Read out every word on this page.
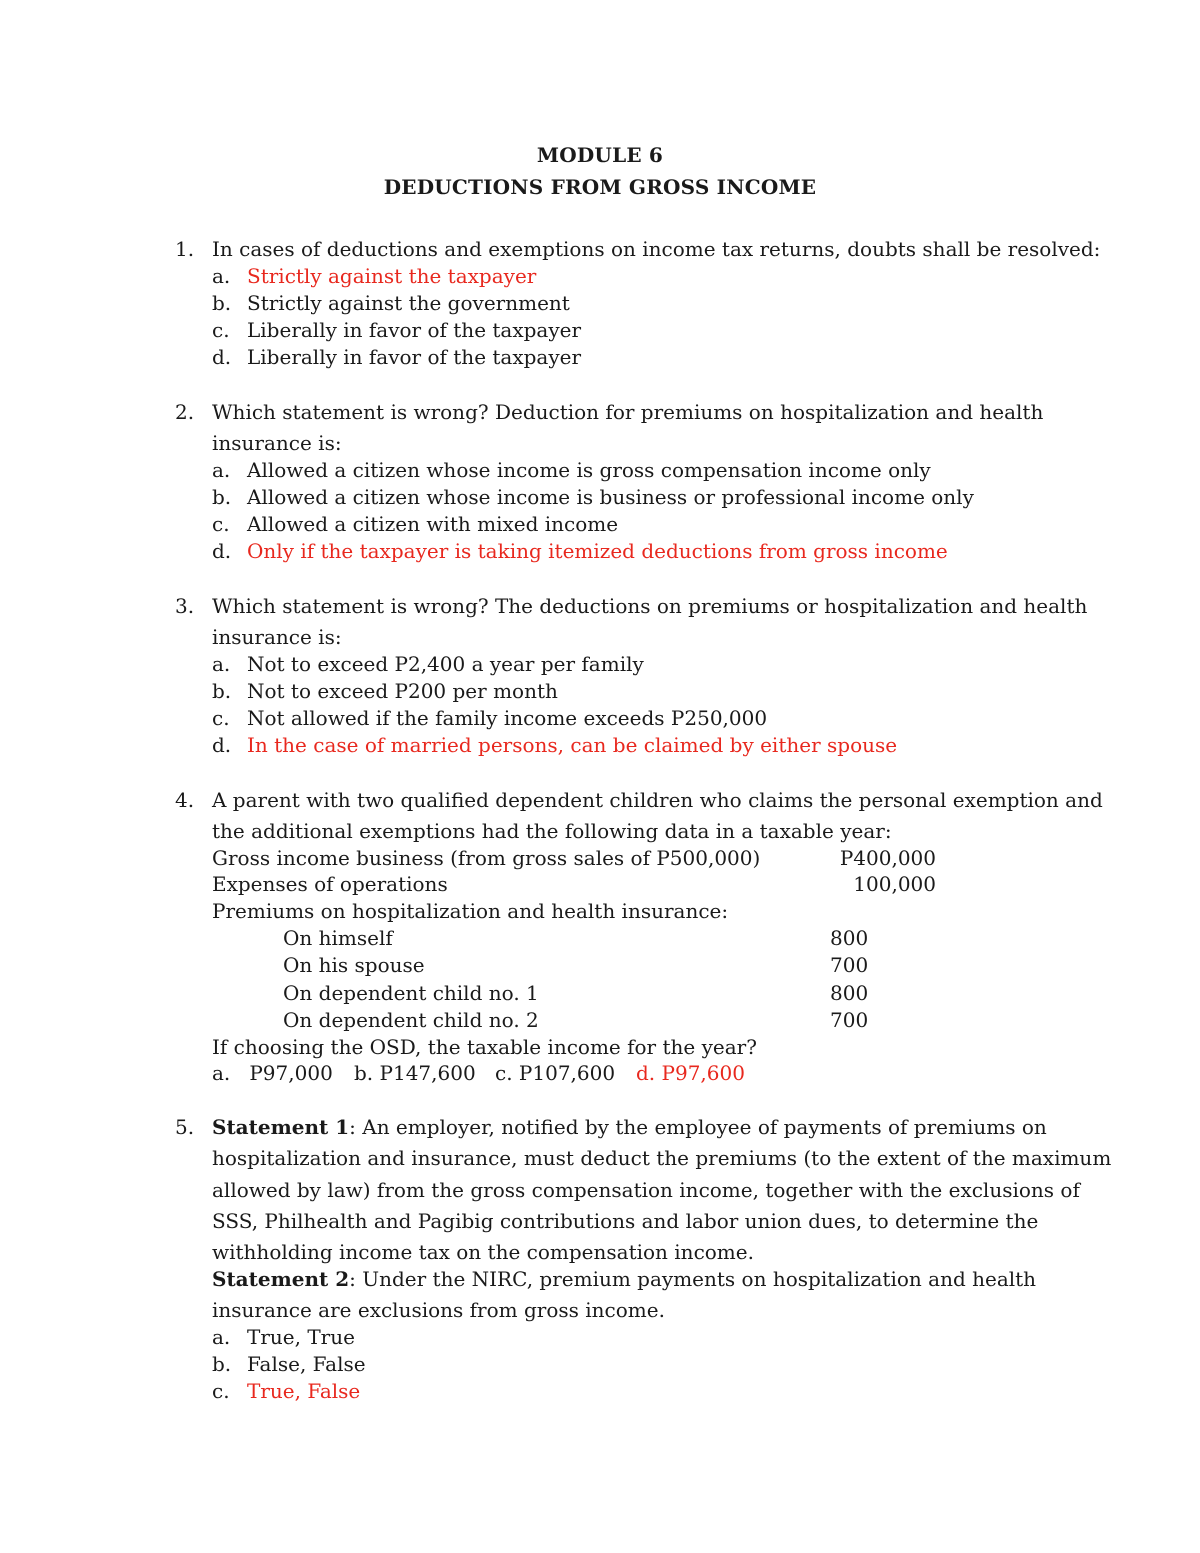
MODULE 6
DEDUCTIONS FROM GROSS INCOME
1. In cases of deductions and exemptions on income tax returns, doubts shall be resolved:
a. Strictly against the taxpayer
b. Strictly against the government
c. Liberally in favor of the taxpayer
d. Liberally in favor of the taxpayer
2. Which statement is wrong? Deduction for premiums on hospitalization and health
insurance is:
a. Allowed a citizen whose income is gross compensation income only
b. Allowed a citizen whose income is business or professional income only
c. Allowed a citizen with mixed income
d. Only if the taxpayer is taking itemized deductions from gross income
3. Which statement is wrong? The deductions on premiums or hospitalization and health
insurance is:
a. Not to exceed P2,400 a year per family
b. Not to exceed P200 per month
c. Not allowed if the family income exceeds P250,000
d. In the case of married persons, can be claimed by either spouse
4. A parent with two qualified dependent children who claims the personal exemption and
the additional exemptions had the following data in a taxable year:
Gross income business (from gross sales of P500,000)	P400,000
Expenses of operations	100,000
Premiums on hospitalization and health insurance:
On himself	800
On his spouse	700
On dependent child no. 1	800
On dependent child no. 2	700
If choosing the OSD, the taxable income for the year?
a.   P97,000 b. P147,600 c. P107,600 d. P97,600
5. Statement 1: An employer, notified by the employee of payments of premiums on
hospitalization and insurance, must deduct the premiums (to the extent of the maximum
allowed by law) from the gross compensation income, together with the exclusions of
SSS, Philhealth and Pagibig contributions and labor union dues, to determine the
withholding income tax on the compensation income.
Statement 2: Under the NIRC, premium payments on hospitalization and health
insurance are exclusions from gross income.
a. True, True
b. False, False
c. True, False
